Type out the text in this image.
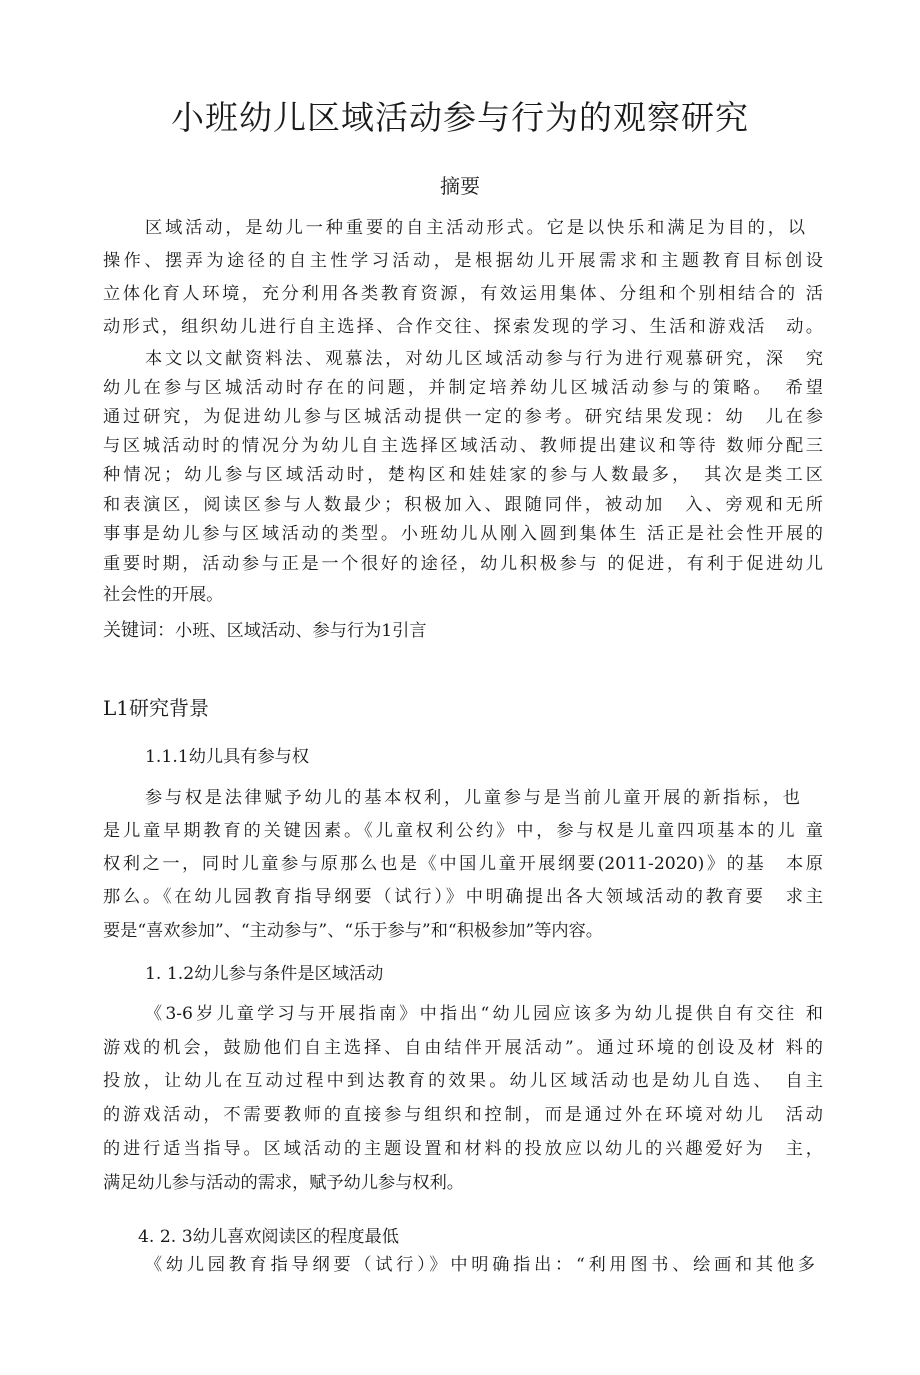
小班幼儿区域活动参与行为的观察研究
摘要

区域活动，是幼儿一种重要的自主活动形式。它是以快乐和满足为目的，以

操作、摆弄为途径的自主性学习活动，是根据幼儿开展需求和主题教育目标创设

立体化育人环境，充分利用各类教育资源，有效运用集体、分组和个别相结合的 活

动形式，组织幼儿进行自主选择、合作交往、探索发现的学习、生活和游戏活　动。

本文以文献资料法、观慕法，对幼儿区域活动参与行为进行观慕研究，深　究

幼儿在参与区城活动时存在的问题，并制定培养幼儿区城活动参与的策略。　希望

通过研究，为促进幼儿参与区城活动提供一定的参考。研究结果发现：幼　儿在参

与区城活动时的情况分为幼儿自主选择区域活动、教师提出建议和等待 数师分配三

种情况；幼儿参与区域活动时，楚构区和娃娃家的参与人数最多，　其次是类工区

和表演区，阅读区参与人数最少；积极加入、跟随同伴，被动加　入、旁观和无所

事事是幼儿参与区域活动的类型。小班幼儿从刚入圆到集体生 活正是社会性开展的

重要时期，活动参与正是一个很好的途径，幼儿积极参与 的促进，有利于促进幼儿

社会性的开展。

关键词：小班、区域活动、参与行为1引言
L1研究背景
1.1.1幼儿具有参与权

参与权是法律赋予幼儿的基本权利，儿童参与是当前儿童开展的新指标，也

是儿童早期教育的关键因素。《儿童权利公约》中，参与权是儿童四项基本的儿 童

权利之一，同时儿童参与原那么也是《中国儿童开展纲要(2011-2020)》的基　本原

那么。《在幼儿园教育指导纲要（试行）》中明确提出各大领域活动的教育要　求主

要是“喜欢参加”、“主动参与”、“乐于参与”和“积极参加”等内容。

1. 1.2幼儿参与条件是区域活动

《3-6岁儿童学习与开展指南》中指出“幼儿园应该多为幼儿提供自有交往 和

游戏的机会，鼓励他们自主选择、自由结伴开展活动”。通过环境的创设及材 料的

投放，让幼儿在互动过程中到达教育的效果。幼儿区域活动也是幼儿自选、　自主

的游戏活动，不需要教师的直接参与组织和控制，而是通过外在环境对幼儿　活动

的进行适当指导。区域活动的主题设置和材料的投放应以幼儿的兴趣爱好为　主，

满足幼儿参与活动的需求，赋予幼儿参与权利。

4. 2. 3幼儿喜欢阅读区的程度最低

《幼儿园教育指导纲要（试行）》中明确指出：“利用图书、绘画和其他多
